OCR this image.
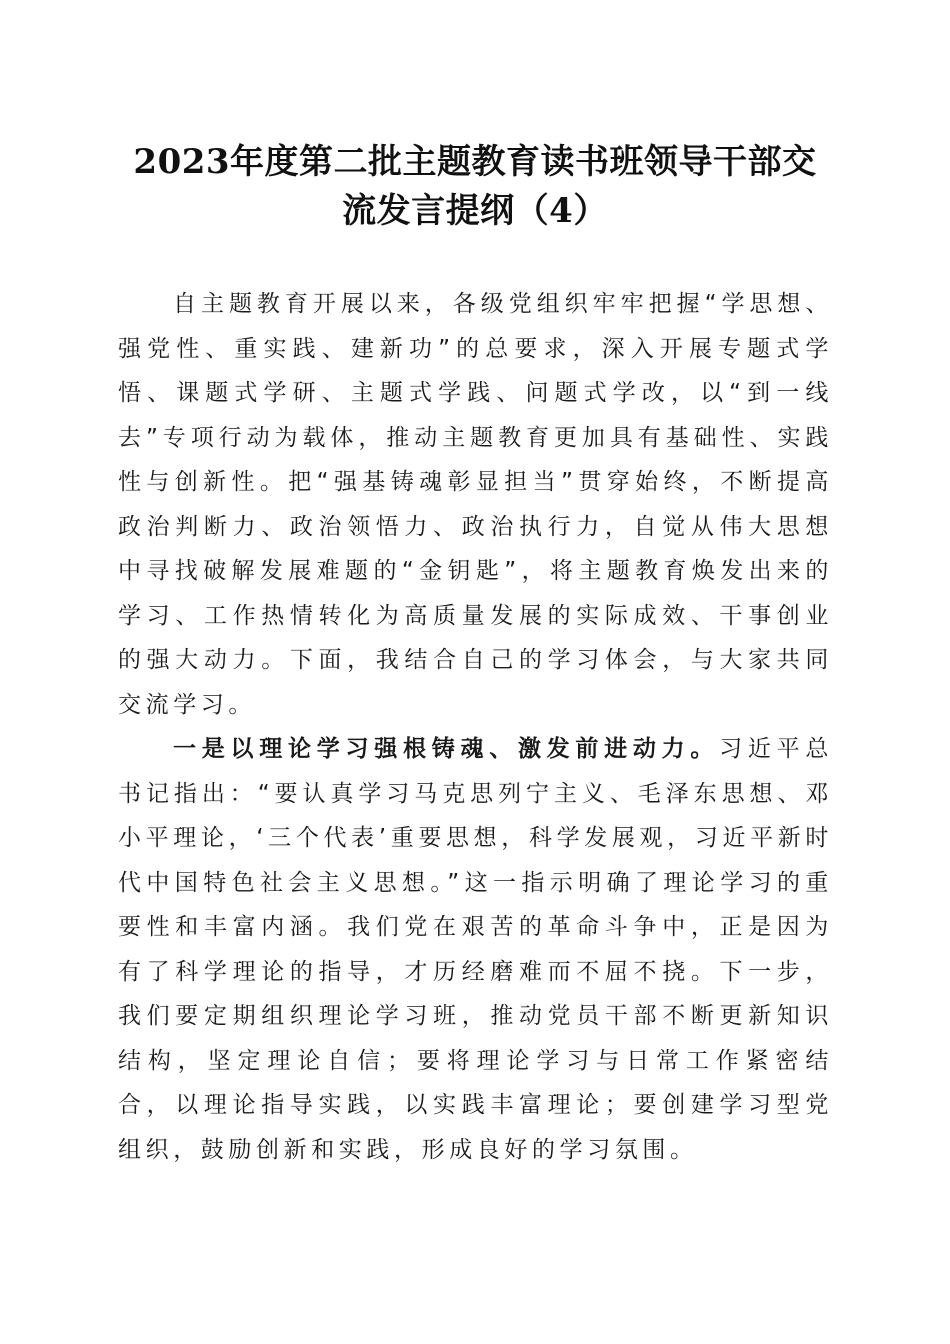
2023年度第二批主题教育读书班领导干部交
流发言提纲（4）

自主题教育开展以来，各级党组织牢牢把握“学思想、强党性、重实践、建新功”的总要求，深入开展专题式学悟、课题式学研、主题式学践、问题式学改，以“到一线去”专项行动为载体，推动主题教育更加具有基础性、实践性与创新性。把“强基铸魂彰显担当”贯穿始终，不断提高政治判断力、政治领悟力、政治执行力，自觉从伟大思想中寻找破解发展难题的“金钥匙”，将主题教育焕发出来的学习、工作热情转化为高质量发展的实际成效、干事创业的强大动力。下面，我结合自己的学习体会，与大家共同交流学习。

一是以理论学习强根铸魂、激发前进动力。习近平总书记指出：“要认真学习马克思列宁主义、毛泽东思想、邓小平理论，‘三个代表’重要思想，科学发展观，习近平新时代中国特色社会主义思想。”这一指示明确了理论学习的重要性和丰富内涵。我们党在艰苦的革命斗争中，正是因为有了科学理论的指导，才历经磨难而不屈不挠。下一步，我们要定期组织理论学习班，推动党员干部不断更新知识结构，坚定理论自信；要将理论学习与日常工作紧密结合，以理论指导实践，以实践丰富理论；要创建学习型党组织，鼓励创新和实践，形成良好的学习氛围。
